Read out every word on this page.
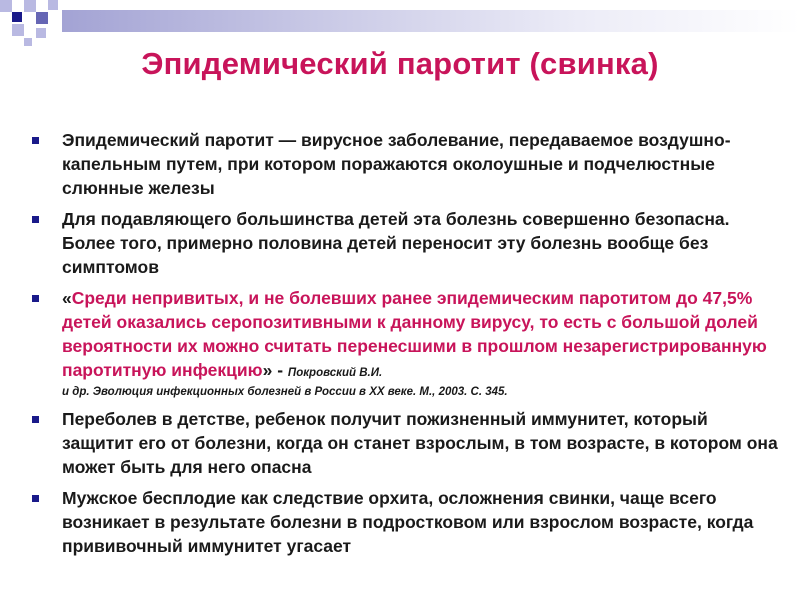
Эпидемический паротит (свинка)
Эпидемический паротит — вирусное заболевание, передаваемое воздушно-капельным путем, при котором поражаются околоушные и подчелюстные слюнные железы
Для подавляющего большинства детей эта болезнь совершенно безопасна. Более того, примерно половина детей переносит эту болезнь вообще без симптомов
«Среди непривитых, и не болевших ранее эпидемическим паротитом до 47,5% детей оказались серопозитивными к данному вирусу, то есть с большой долей вероятности их можно считать перенесшими в прошлом незарегистрированную паротитную инфекцию» - Покровский В.И.
и др. Эволюция инфекционных болезней в России в ХХ веке. М., 2003. С. 345.
Переболев в детстве, ребенок получит пожизненный иммунитет, который защитит его от болезни, когда он станет взрослым, в том возрасте, в котором она может быть для него опасна
Мужское бесплодие как следствие орхита, осложнения свинки, чаще всего возникает в результате болезни в подростковом или взрослом возрасте, когда прививочный иммунитет угасает
